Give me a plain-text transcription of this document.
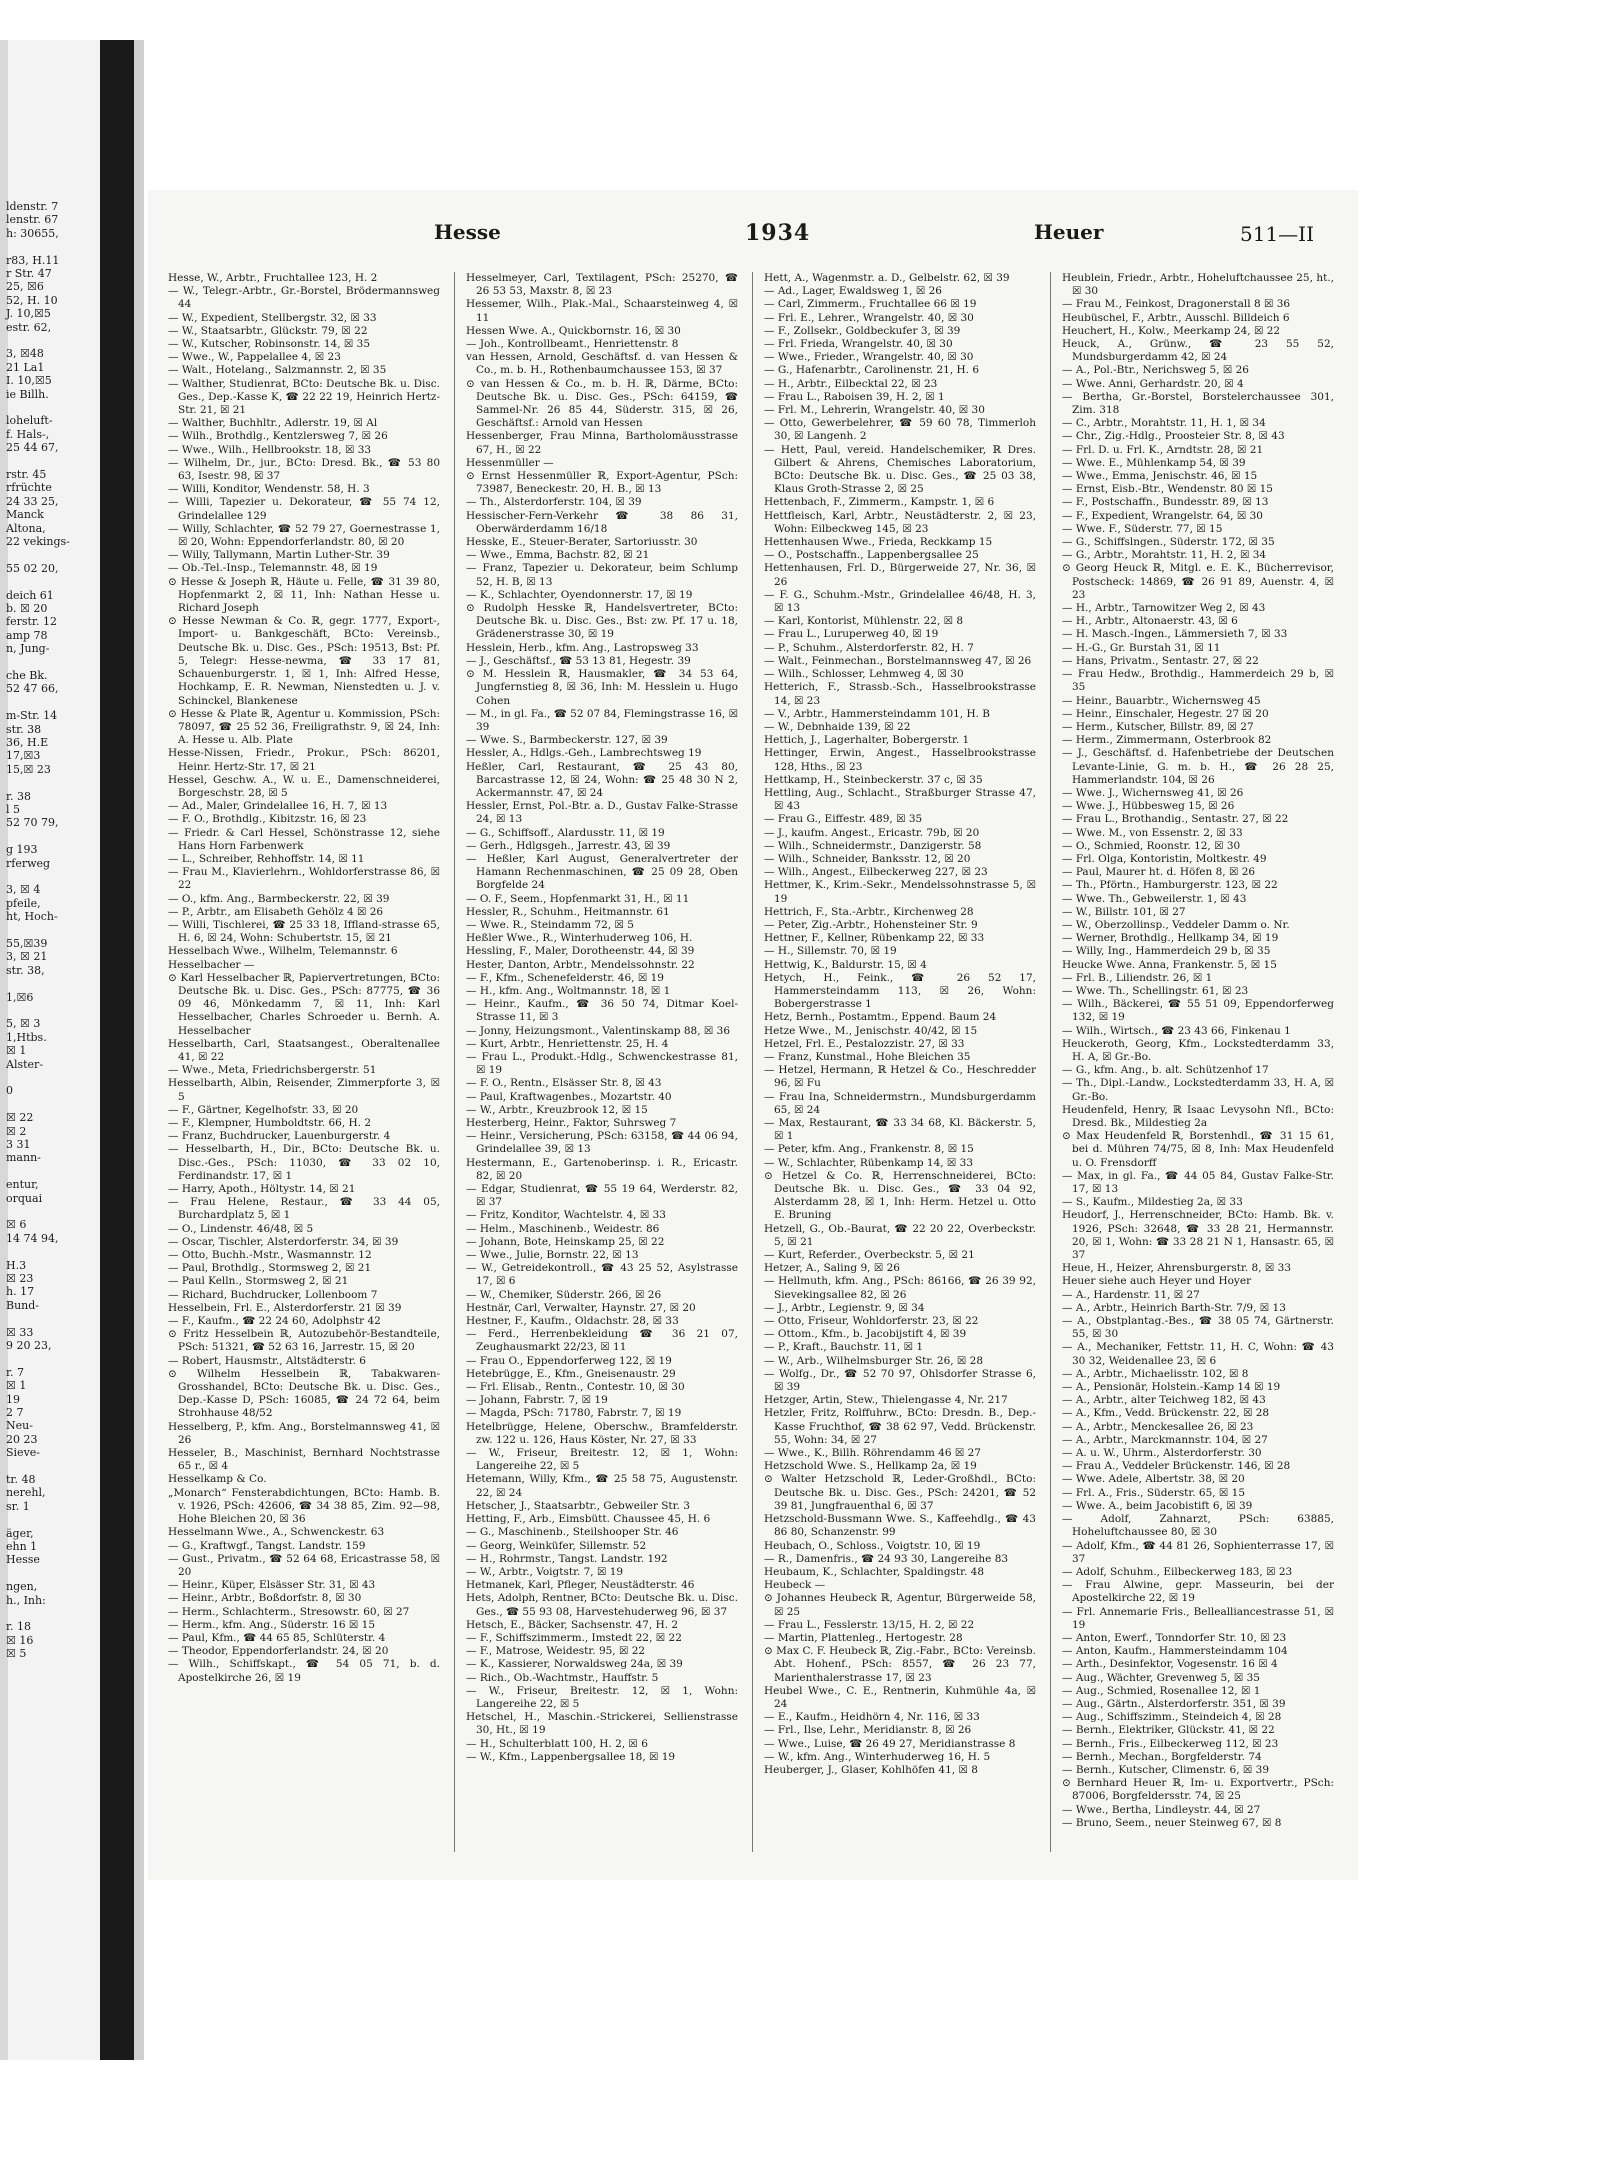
ldenstr. 7
lenstr. 67
h: 30655,
r83, H.11
r Str. 47
25, ☒6
52, H. 10
J. 10,☒5
estr. 62,
3, ☒48
21 La1
I. 10,☒5
ie Billh.
loheluft-
f. Hals-,
25 44 67,
rstr. 45
rfrüchte
24 33 25,
Manck
Altona,
22 vekings-
55 02 20,
deich 61
b. ☒ 20
ferstr. 12
amp 78
n, Jung-
che Bk.
52 47 66,
m-Str. 14
str. 38
36, H.E
17,☒3
15,☒ 23
r. 38
l 5
52 70 79,
g 193
rferweg
3, ☒ 4
pfeile,
ht, Hoch-
55,☒39
3, ☒ 21
str. 38,
1,☒6
5, ☒ 3
1,Htbs.
☒ 1
Alster-
0
☒ 22
☒ 2
3 31
mann-
entur,
orquai
☒ 6
14 74 94,
H.3
☒ 23
h. 17
Bund-
☒ 33
9 20 23,
r. 7
☒ 1
19
2 7
Neu-
20 23
Sieve-
tr. 48
nerehl,
sr. 1
äger,
ehn 1
Hesse
ngen,
h., Inh:
r. 18
☒ 16
☒ 5
Hesse	1934	Heuer	511—II
Hesse, W., Arbtr., Fruchtallee 123, H. 2
— W., Telegr.-Arbtr., Gr.-Borstel, Brödermannsweg 44
— W., Expedient, Stellbergstr. 32, ☒ 33
— W., Staatsarbtr., Glückstr. 79, ☒ 22
— W., Kutscher, Robinsonstr. 14, ☒ 35
— Wwe., W., Pappelallee 4, ☒ 23
— Walt., Hotelang., Salzmannstr. 2, ☒ 35
— Walther, Studienrat, BCto: Deutsche Bk. u. Disc. Ges., Dep.-Kasse K, ☎ 22 22 19, Heinrich Hertz-Str. 21, ☒ 21
— Walther, Buchhltr., Adlerstr. 19, ☒ Al
— Wilh., Brothdlg., Kentzlersweg 7, ☒ 26
— Wwe., Wilh., Hellbrookstr. 18, ☒ 33
— Wilhelm, Dr., jur., BCto: Dresd. Bk., ☎ 53 80 63, Isestr. 98, ☒ 37
— Willi, Konditor, Wendenstr. 58, H. 3
— Willi, Tapezier u. Dekorateur, ☎ 55 74 12, Grindelallee 129
— Willy, Schlachter, ☎ 52 79 27, Goernestrasse 1, ☒ 20, Wohn: Eppendorferlandstr. 80, ☒ 20
— Willy, Tallymann, Martin Luther-Str. 39
— Ob.-Tel.-Insp., Telemannstr. 48, ☒ 19
⊙ Hesse & Joseph ℝ, Häute u. Felle, ☎ 31 39 80, Hopfenmarkt 2, ☒ 11, Inh: Nathan Hesse u. Richard Joseph
⊙ Hesse Newman & Co. ℝ, gegr. 1777, Export-, Import- u. Bankgeschäft, BCto: Vereinsb., Deutsche Bk. u. Disc. Ges., PSch: 19513, Bst: Pf. 5, Telegr: Hesse-newma, ☎ 33 17 81, Schauenburgerstr. 1, ☒ 1, Inh: Alfred Hesse, Hochkamp, E. R. Newman, Nienstedten u. J. v. Schinckel, Blankenese
⊙ Hesse & Plate ℝ, Agentur u. Kommission, PSch: 78097, ☎ 25 52 36, Freiligrathstr. 9, ☒ 24, Inh: A. Hesse u. Alb. Plate
Hesse-Nissen, Friedr., Prokur., PSch: 86201, Heinr. Hertz-Str. 17, ☒ 21
Hessel, Geschw. A., W. u. E., Damenschneiderei, Borgeschstr. 28, ☒ 5
— Ad., Maler, Grindelallee 16, H. 7, ☒ 13
— F. O., Brothdlg., Kibitzstr. 16, ☒ 23
— Friedr. & Carl Hessel, Schönstrasse 12, siehe Hans Horn Farbenwerk
— L., Schreiber, Rehhoffstr. 14, ☒ 11
— Frau M., Klavierlehrn., Wohldorferstrasse 86, ☒ 22
— O., kfm. Ang., Barmbeckerstr. 22, ☒ 39
— P., Arbtr., am Elisabeth Gehölz 4 ☒ 26
— Willi, Tischlerei, ☎ 25 33 18, Iffland-strasse 65, H. 6, ☒ 24, Wohn: Schubertstr. 15, ☒ 21
Hesselbach Wwe., Wilhelm, Telemannstr. 6
Hesselbacher —
⊙ Karl Hesselbacher ℝ, Papiervertretungen, BCto: Deutsche Bk. u. Disc. Ges., PSch: 87775, ☎ 36 09 46, Mönkedamm 7, ☒ 11, Inh: Karl Hesselbacher, Charles Schroeder u. Bernh. A. Hesselbacher
Hesselbarth, Carl, Staatsangest., Oberaltenallee 41, ☒ 22
— Wwe., Meta, Friedrichsbergerstr. 51
Hesselbarth, Albin, Reisender, Zimmerpforte 3, ☒ 5
— F., Gärtner, Kegelhofstr. 33, ☒ 20
— F., Klempner, Humboldtstr. 66, H. 2
— Franz, Buchdrucker, Lauenburgerstr. 4
— Hesselbarth, H., Dir., BCto: Deutsche Bk. u. Disc.-Ges., PSch: 11030, ☎ 33 02 10, Ferdinandstr. 17, ☒ 1
— Harry, Apoth., Höltystr. 14, ☒ 21
— Frau Helene, Restaur., ☎ 33 44 05, Burchardplatz 5, ☒ 1
— O., Lindenstr. 46/48, ☒ 5
— Oscar, Tischler, Alsterdorferstr. 34, ☒ 39
— Otto, Buchh.-Mstr., Wasmannstr. 12
— Paul, Brothdlg., Stormsweg 2, ☒ 21
— Paul Kelln., Stormsweg 2, ☒ 21
— Richard, Buchdrucker, Lollenboom 7
Hesselbein, Frl. E., Alsterdorferstr. 21 ☒ 39
— F., Kaufm., ☎ 22 24 60, Adolphstr 42
⊙ Fritz Hesselbein ℝ, Autozubehör-Bestandteile, PSch: 51321, ☎ 52 63 16, Jarrestr. 15, ☒ 20
— Robert, Hausmstr., Altstädterstr. 6
⊙ Wilhelm Hesselbein ℝ, Tabakwaren-Grosshandel, BCto: Deutsche Bk. u. Disc. Ges., Dep.-Kasse D, PSch: 16085, ☎ 24 72 64, beim Strohhause 48/52
Hesselberg, P., kfm. Ang., Borstelmannsweg 41, ☒ 26
Hesseler, B., Maschinist, Bernhard Nochtstrasse 65 r., ☒ 4
Hesselkamp & Co.
„Monarch“ Fensterabdichtungen, BCto: Hamb. B. v. 1926, PSch: 42606, ☎ 34 38 85, Zim. 92—98, Hohe Bleichen 20, ☒ 36
Hesselmann Wwe., A., Schwenckestr. 63
— G., Kraftwgf., Tangst. Landstr. 159
— Gust., Privatm., ☎ 52 64 68, Ericastrasse 58, ☒ 20
— Heinr., Küper, Elsässer Str. 31, ☒ 43
— Heinr., Arbtr., Boßdorfstr. 8, ☒ 30
— Herm., Schlachterm., Stresowstr. 60, ☒ 27
— Herm., kfm. Ang., Süderstr. 16 ☒ 15
— Paul, Kfm., ☎ 44 65 85, Schlüterstr. 4
— Theodor, Eppendorferlandstr. 24, ☒ 20
— Wilh., Schiffskapt., ☎ 54 05 71, b. d. Apostelkirche 26, ☒ 19
Hesselmeyer, Carl, Textilagent, PSch: 25270, ☎ 26 53 53, Maxstr. 8, ☒ 23
Hessemer, Wilh., Plak.-Mal., Schaarsteinweg 4, ☒ 11
Hessen Wwe. A., Quickbornstr. 16, ☒ 30
— Joh., Kontrollbeamt., Henriettenstr. 8
van Hessen, Arnold, Geschäftsf. d. van Hessen & Co., m. b. H., Rothenbaumchaussee 153, ☒ 37
⊙ van Hessen & Co., m. b. H. ℝ, Därme, BCto: Deutsche Bk. u. Disc. Ges., PSch: 64159, ☎ Sammel-Nr. 26 85 44, Süderstr. 315, ☒ 26, Geschäftsf.: Arnold van Hessen
Hessenberger, Frau Minna, Bartholomäusstrasse 67, H., ☒ 22
Hessenmüller —
⊙ Ernst Hessenmüller ℝ, Export-Agentur, PSch: 73987, Beneckestr. 20, H. B., ☒ 13
— Th., Alsterdorferstr. 104, ☒ 39
Hessischer-Fern-Verkehr ☎ 38 86 31, Oberwärderdamm 16/18
Hesske, E., Steuer-Berater, Sartoriusstr. 30
— Wwe., Emma, Bachstr. 82, ☒ 21
— Franz, Tapezier u. Dekorateur, beim Schlump 52, H. B, ☒ 13
— K., Schlachter, Oyendonnerstr. 17, ☒ 19
⊙ Rudolph Hesske ℝ, Handelsvertreter, BCto: Deutsche Bk. u. Disc. Ges., Bst: zw. Pf. 17 u. 18, Grädenerstrasse 30, ☒ 19
Hesslein, Herb., kfm. Ang., Lastropsweg 33
— J., Geschäftsf., ☎ 53 13 81, Hegestr. 39
⊙ M. Hesslein ℝ, Hausmakler, ☎ 34 53 64, Jungfernstieg 8, ☒ 36, Inh: M. Hesslein u. Hugo Cohen
— M., in gl. Fa., ☎ 52 07 84, Flemingstrasse 16, ☒ 39
— Wwe. S., Barmbeckerstr. 127, ☒ 39
Hessler, A., Hdlgs.-Geh., Lambrechtsweg 19
Heßler, Carl, Restaurant, ☎ 25 43 80, Barcastrasse 12, ☒ 24, Wohn: ☎ 25 48 30 N 2, Ackermannstr. 47, ☒ 24
Hessler, Ernst, Pol.-Btr. a. D., Gustav Falke-Strasse 24, ☒ 13
— G., Schiffsoff., Alardusstr. 11, ☒ 19
— Gerh., Hdlgsgeh., Jarrestr. 43, ☒ 39
— Heßler, Karl August, Generalvertreter der Hamann Rechenmaschinen, ☎ 25 09 28, Oben Borgfelde 24
— O. F., Seem., Hopfenmarkt 31, H., ☒ 11
Hessler, R., Schuhm., Heitmannstr. 61
— Wwe. R., Steindamm 72, ☒ 5
Heßler Wwe., R., Winterhuderweg 106, H.
Hessling, F., Maler, Dorotheenstr. 44, ☒ 39
Hester, Danton, Arbtr., Mendelssohnstr. 22
— F., Kfm., Schenefelderstr. 46, ☒ 19
— H., kfm. Ang., Woltmannstr. 18, ☒ 1
— Heinr., Kaufm., ☎ 36 50 74, Ditmar Koel-Strasse 11, ☒ 3
— Jonny, Heizungsmont., Valentinskamp 88, ☒ 36
— Kurt, Arbtr., Henriettenstr. 25, H. 4
— Frau L., Produkt.-Hdlg., Schwenckestrasse 81, ☒ 19
— F. O., Rentn., Elsässer Str. 8, ☒ 43
— Paul, Kraftwagenbes., Mozartstr. 40
— W., Arbtr., Kreuzbrook 12, ☒ 15
Hesterberg, Heinr., Faktor, Suhrsweg 7
— Heinr., Versicherung, PSch: 63158, ☎ 44 06 94, Grindelallee 39, ☒ 13
Hestermann, E., Gartenoberinsp. i. R., Ericastr. 82, ☒ 20
— Edgar, Studienrat, ☎ 55 19 64, Werderstr. 82, ☒ 37
— Fritz, Konditor, Wachtelstr. 4, ☒ 33
— Helm., Maschinenb., Weidestr. 86
— Johann, Bote, Heinskamp 25, ☒ 22
— Wwe., Julie, Bornstr. 22, ☒ 13
— W., Getreidekontroll., ☎ 43 25 52, Asylstrasse 17, ☒ 6
— W., Chemiker, Süderstr. 266, ☒ 26
Hestnär, Carl, Verwalter, Haynstr. 27, ☒ 20
Hestner, F., Kaufm., Oldachstr. 28, ☒ 33
— Ferd., Herrenbekleidung ☎ 36 21 07, Zeughausmarkt 22/23, ☒ 11
— Frau O., Eppendorferweg 122, ☒ 19
Hetebrügge, E., Kfm., Gneisenaustr. 29
— Frl. Elisab., Rentn., Contestr. 10, ☒ 30
— Johann, Fabrstr. 7, ☒ 19
— Magda, PSch: 71780, Fabrstr. 7, ☒ 19
Hetelbrügge, Helene, Oberschw., Bramfelderstr. zw. 122 u. 126, Haus Köster, Nr. 27, ☒ 33
— W., Friseur, Breitestr. 12, ☒ 1, Wohn: Langereihe 22, ☒ 5
Hetemann, Willy, Kfm., ☎ 25 58 75, Augustenstr. 22, ☒ 24
Hetscher, J., Staatsarbtr., Gebweiler Str. 3
Hetting, F., Arb., Eimsbütt. Chaussee 45, H. 6
— G., Maschinenb., Steilshooper Str. 46
— Georg, Weinküfer, Sillemstr. 52
— H., Rohrmstr., Tangst. Landstr. 192
— W., Arbtr., Voigtstr. 7, ☒ 19
Hetmanek, Karl, Pfleger, Neustädterstr. 46
Hets, Adolph, Rentner, BCto: Deutsche Bk. u. Disc. Ges., ☎ 55 93 08, Harvestehuderweg 96, ☒ 37
Hetsch, E., Bäcker, Sachsenstr. 47, H. 2
— F., Schiffszimmerm., Imstedt 22, ☒ 22
— F., Matrose, Weidestr. 95, ☒ 22
— K., Kassierer, Norwaldsweg 24a, ☒ 39
— Rich., Ob.-Wachtmstr., Hauffstr. 5
— W., Friseur, Breitestr. 12, ☒ 1, Wohn: Langereihe 22, ☒ 5
Hetschel, H., Maschin.-Strickerei, Sellienstrasse 30, Ht., ☒ 19
— H., Schulterblatt 100, H. 2, ☒ 6
— W., Kfm., Lappenbergsallee 18, ☒ 19
Hett, A., Wagenmstr. a. D., Gelbelstr. 62, ☒ 39
— Ad., Lager, Ewaldsweg 1, ☒ 26
— Carl, Zimmerm., Fruchtallee 66 ☒ 19
— Frl. E., Lehrer., Wrangelstr. 40, ☒ 30
— F., Zollsekr., Goldbeckufer 3, ☒ 39
— Frl. Frieda, Wrangelstr. 40, ☒ 30
— Wwe., Frieder., Wrangelstr. 40, ☒ 30
— G., Hafenarbtr., Carolinenstr. 21, H. 6
— H., Arbtr., Eilbecktal 22, ☒ 23
— Frau L., Raboisen 39, H. 2, ☒ 1
— Frl. M., Lehrerin, Wrangelstr. 40, ☒ 30
— Otto, Gewerbelehrer, ☎ 59 60 78, Timmerloh 30, ☒ Langenh. 2
— Hett, Paul, vereid. Handelschemiker, ℝ Dres. Gilbert & Ahrens, Chemisches Laboratorium, BCto: Deutsche Bk. u. Disc. Ges., ☎ 25 03 38, Klaus Groth-Strasse 2, ☒ 25
Hettenbach, F., Zimmerm., Kampstr. 1, ☒ 6
Hettfleisch, Karl, Arbtr., Neustädterstr. 2, ☒ 23, Wohn: Eilbeckweg 145, ☒ 23
Hettenhausen Wwe., Frieda, Reckkamp 15
— O., Postschaffn., Lappenbergsallee 25
Hettenhausen, Frl. D., Bürgerweide 27, Nr. 36, ☒ 26
— F. G., Schuhm.-Mstr., Grindelallee 46/48, H. 3, ☒ 13
— Karl, Kontorist, Mühlenstr. 22, ☒ 8
— Frau L., Luruperweg 40, ☒ 19
— P., Schuhm., Alsterdorferstr. 82, H. 7
— Walt., Feinmechan., Borstelmannsweg 47, ☒ 26
— Wilh., Schlosser, Lehmweg 4, ☒ 30
Hetterich, F., Strassb.-Sch., Hasselbrookstrasse 14, ☒ 23
— V., Arbtr., Hammersteindamm 101, H. B
— W., Debnhaide 139, ☒ 22
Hettich, J., Lagerhalter, Bobergerstr. 1
Hettinger, Erwin, Angest., Hasselbrookstrasse 128, Hths., ☒ 23
Hettkamp, H., Steinbeckerstr. 37 c, ☒ 35
Hettling, Aug., Schlacht., Straßburger Strasse 47, ☒ 43
— Frau G., Eiffestr. 489, ☒ 35
— J., kaufm. Angest., Ericastr. 79b, ☒ 20
— Wilh., Schneidermstr., Danzigerstr. 58
— Wilh., Schneider, Banksstr. 12, ☒ 20
— Wilh., Angest., Eilbeckerweg 227, ☒ 23
Hettmer, K., Krim.-Sekr., Mendelssohnstrasse 5, ☒ 19
Hettrich, F., Sta.-Arbtr., Kirchenweg 28
— Peter, Zig.-Arbtr., Hohensteiner Str. 9
Hettner, F., Kellner, Rübenkamp 22, ☒ 33
— H., Sillemstr. 70, ☒ 19
Hettwig, K., Baldurstr. 15, ☒ 4
Hetych, H., Feink., ☎ 26 52 17, Hammersteindamm 113, ☒ 26, Wohn: Bobergerstrasse 1
Hetz, Bernh., Postamtm., Eppend. Baum 24
Hetze Wwe., M., Jenischstr. 40/42, ☒ 15
Hetzel, Frl. E., Pestalozzistr. 27, ☒ 33
— Franz, Kunstmal., Hohe Bleichen 35
— Hetzel, Hermann, ℝ Hetzel & Co., Heschredder 96, ☒ Fu
— Frau Ina, Schneidermstrn., Mundsburgerdamm 65, ☒ 24
— Max, Restaurant, ☎ 33 34 68, Kl. Bäckerstr. 5, ☒ 1
— Peter, kfm. Ang., Frankenstr. 8, ☒ 15
— W., Schlachter, Rübenkamp 14, ☒ 33
⊙ Hetzel & Co. ℝ, Herrenschneiderei, BCto: Deutsche Bk. u. Disc. Ges., ☎ 33 04 92, Alsterdamm 28, ☒ 1, Inh: Herm. Hetzel u. Otto E. Bruning
Hetzell, G., Ob.-Baurat, ☎ 22 20 22, Overbeckstr. 5, ☒ 21
— Kurt, Referder., Overbeckstr. 5, ☒ 21
Hetzer, A., Saling 9, ☒ 26
— Hellmuth, kfm. Ang., PSch: 86166, ☎ 26 39 92, Sievekingsallee 82, ☒ 26
— J., Arbtr., Legienstr. 9, ☒ 34
— Otto, Friseur, Wohldorferstr. 23, ☒ 22
— Ottom., Kfm., b. Jacobijstift 4, ☒ 39
— P., Kraft., Bauchstr. 11, ☒ 1
— W., Arb., Wilhelmsburger Str. 26, ☒ 28
— Wolfg., Dr., ☎ 52 70 97, Ohlsdorfer Strasse 6, ☒ 39
Hetzger, Artin, Stew., Thielengasse 4, Nr. 217
Hetzler, Fritz, Rolffuhrw., BCto: Dresdn. B., Dep.-Kasse Fruchthof, ☎ 38 62 97, Vedd. Brückenstr. 55, Wohn: 34, ☒ 27
— Wwe., K., Billh. Röhrendamm 46 ☒ 27
Hetzschold Wwe. S., Hellkamp 2a, ☒ 19
⊙ Walter Hetzschold ℝ, Leder-Großhdl., BCto: Deutsche Bk. u. Disc. Ges., PSch: 24201, ☎ 52 39 81, Jungfrauenthal 6, ☒ 37
Hetzschold-Bussmann Wwe. S., Kaffeehdlg., ☎ 43 86 80, Schanzenstr. 99
Heubach, O., Schloss., Voigtstr. 10, ☒ 19
— R., Damenfris., ☎ 24 93 30, Langereihe 83
Heubaum, K., Schlachter, Spaldingstr. 48
Heubeck —
⊙ Johannes Heubeck ℝ, Agentur, Bürgerweide 58, ☒ 25
— Frau L., Fesslerstr. 13/15, H. 2, ☒ 22
— Martin, Plattenleg., Hertogestr. 28
⊙ Max C. F. Heubeck ℝ, Zig.-Fabr., BCto: Vereinsb. Abt. Hohenf., PSch: 8557, ☎ 26 23 77, Marienthalerstrasse 17, ☒ 23
Heubel Wwe., C. E., Rentnerin, Kuhmühle 4a, ☒ 24
— E., Kaufm., Heidhörn 4, Nr. 116, ☒ 33
— Frl., Ilse, Lehr., Meridianstr. 8, ☒ 26
— Wwe., Luise, ☎ 26 49 27, Meridianstrasse 8
— W., kfm. Ang., Winterhuderweg 16, H. 5
Heuberger, J., Glaser, Kohlhöfen 41, ☒ 8
Heublein, Friedr., Arbtr., Hoheluftchaussee 25, ht., ☒ 30
— Frau M., Feinkost, Dragonerstall 8 ☒ 36
Heubüschel, F., Arbtr., Ausschl. Billdeich 6
Heuchert, H., Kolw., Meerkamp 24, ☒ 22
Heuck, A., Grünw., ☎ 23 55 52, Mundsburgerdamm 42, ☒ 24
— A., Pol.-Btr., Nerichsweg 5, ☒ 26
— Wwe. Anni, Gerhardstr. 20, ☒ 4
— Bertha, Gr.-Borstel, Borstelerchaussee 301, Zim. 318
— C., Arbtr., Morahtstr. 11, H. 1, ☒ 34
— Chr., Zig.-Hdlg., Proosteier Str. 8, ☒ 43
— Frl. D. u. Frl. K., Arndtstr. 28, ☒ 21
— Wwe. E., Mühlenkamp 54, ☒ 39
— Wwe., Emma, Jenischstr. 46, ☒ 15
— Ernst, Eisb.-Btr., Wendenstr. 80 ☒ 15
— F., Postschaffn., Bundesstr. 89, ☒ 13
— F., Expedient, Wrangelstr. 64, ☒ 30
— Wwe. F., Süderstr. 77, ☒ 15
— G., Schiffslngen., Süderstr. 172, ☒ 35
— G., Arbtr., Morahtstr. 11, H. 2, ☒ 34
⊙ Georg Heuck ℝ, Mitgl. e. E. K., Bücherrevisor, Postscheck: 14869, ☎ 26 91 89, Auenstr. 4, ☒ 23
— H., Arbtr., Tarnowitzer Weg 2, ☒ 43
— H., Arbtr., Altonaerstr. 43, ☒ 6
— H. Masch.-Ingen., Lämmersieth 7, ☒ 33
— H.-G., Gr. Burstah 31, ☒ 11
— Hans, Privatm., Sentastr. 27, ☒ 22
— Frau Hedw., Brothdig., Hammerdeich 29 b, ☒ 35
— Heinr., Bauarbtr., Wichernsweg 45
— Heinr., Einschaler, Hegestr. 27 ☒ 20
— Herm., Kutscher, Billstr. 89, ☒ 27
— Herm., Zimmermann, Osterbrook 82
— J., Geschäftsf. d. Hafenbetriebe der Deutschen Levante-Linie, G. m. b. H., ☎ 26 28 25, Hammerlandstr. 104, ☒ 26
— Wwe. J., Wichernsweg 41, ☒ 26
— Wwe. J., Hübbesweg 15, ☒ 26
— Frau L., Brothandig., Sentastr. 27, ☒ 22
— Wwe. M., von Essenstr. 2, ☒ 33
— O., Schmied, Roonstr. 12, ☒ 30
— Frl. Olga, Kontoristin, Moltkestr. 49
— Paul, Maurer ht. d. Höfen 8, ☒ 26
— Th., Pförtn., Hamburgerstr. 123, ☒ 22
— Wwe. Th., Gebweilerstr. 1, ☒ 43
— W., Billstr. 101, ☒ 27
— W., Oberzollinsp., Veddeler Damm o. Nr.
— Werner, Brothdlg., Hellkamp 34, ☒ 19
— Willy, Ing., Hammerdeich 29 b, ☒ 35
Heucke Wwe. Anna, Frankenstr. 5, ☒ 15
— Frl. B., Liliendstr. 26, ☒ 1
— Wwe. Th., Schellingstr. 61, ☒ 23
— Wilh., Bäckerei, ☎ 55 51 09, Eppendorferweg 132, ☒ 19
— Wilh., Wirtsch., ☎ 23 43 66, Finkenau 1
Heuckeroth, Georg, Kfm., Lockstedterdamm 33, H. A, ☒ Gr.-Bo.
— G., kfm. Ang., b. alt. Schützenhof 17
— Th., Dipl.-Landw., Lockstedterdamm 33, H. A, ☒ Gr.-Bo.
Heudenfeld, Henry, ℝ Isaac Levysohn Nfl., BCto: Dresd. Bk., Mildestieg 2a
⊙ Max Heudenfeld ℝ, Borstenhdl., ☎ 31 15 61, bei d. Mühren 74/75, ☒ 8, Inh: Max Heudenfeld u. O. Frensdorff
— Max, in gl. Fa., ☎ 44 05 84, Gustav Falke-Str. 17, ☒ 13
— S., Kaufm., Mildestieg 2a, ☒ 33
Heudorf, J., Herrenschneider, BCto: Hamb. Bk. v. 1926, PSch: 32648, ☎ 33 28 21, Hermannstr. 20, ☒ 1, Wohn: ☎ 33 28 21 N 1, Hansastr. 65, ☒ 37
Heue, H., Heizer, Ahrensburgerstr. 8, ☒ 33
Heuer siehe auch Heyer und Hoyer
— A., Hardenstr. 11, ☒ 27
— A., Arbtr., Heinrich Barth-Str. 7/9, ☒ 13
— A., Obstplantag.-Bes., ☎ 38 05 74, Gärtnerstr. 55, ☒ 30
— A., Mechaniker, Fettstr. 11, H. C, Wohn: ☎ 43 30 32, Weidenallee 23, ☒ 6
— A., Arbtr., Michaelisstr. 102, ☒ 8
— A., Pensionär, Holstein.-Kamp 14 ☒ 19
— A., Arbtr., alter Teichweg 182, ☒ 43
— A., Kfm., Vedd. Brückenstr. 22, ☒ 28
— A., Arbtr., Menckesallee 26, ☒ 23
— A., Arbtr., Marckmannstr. 104, ☒ 27
— A. u. W., Uhrm., Alsterdorferstr. 30
— Frau A., Veddeler Brückenstr. 146, ☒ 28
— Wwe. Adele, Albertstr. 38, ☒ 20
— Frl. A., Fris., Süderstr. 65, ☒ 15
— Wwe. A., beim Jacobistift 6, ☒ 39
— Adolf, Zahnarzt, PSch: 63885, Hoheluftchaussee 80, ☒ 30
— Adolf, Kfm., ☎ 44 81 26, Sophienterrasse 17, ☒ 37
— Adolf, Schuhm., Eilbeckerweg 183, ☒ 23
— Frau Alwine, gepr. Masseurin, bei der Apostelkirche 22, ☒ 19
— Frl. Annemarie Fris., Bellealliancestrasse 51, ☒ 19
— Anton, Ewerf., Tonndorfer Str. 10, ☒ 23
— Anton, Kaufm., Hammersteindamm 104
— Arth., Desinfektor, Vogesenstr. 16 ☒ 4
— Aug., Wächter, Grevenweg 5, ☒ 35
— Aug., Schmied, Rosenallee 12, ☒ 1
— Aug., Gärtn., Alsterdorferstr. 351, ☒ 39
— Aug., Schiffszimm., Steindeich 4, ☒ 28
— Bernh., Elektriker, Glückstr. 41, ☒ 22
— Bernh., Fris., Eilbeckerweg 112, ☒ 23
— Bernh., Mechan., Borgfelderstr. 74
— Bernh., Kutscher, Climenstr. 6, ☒ 39
⊙ Bernhard Heuer ℝ, Im- u. Exportvertr., PSch: 87006, Borgfeldersstr. 74, ☒ 25
— Wwe., Bertha, Lindleystr. 44, ☒ 27
— Bruno, Seem., neuer Steinweg 67, ☒ 8
